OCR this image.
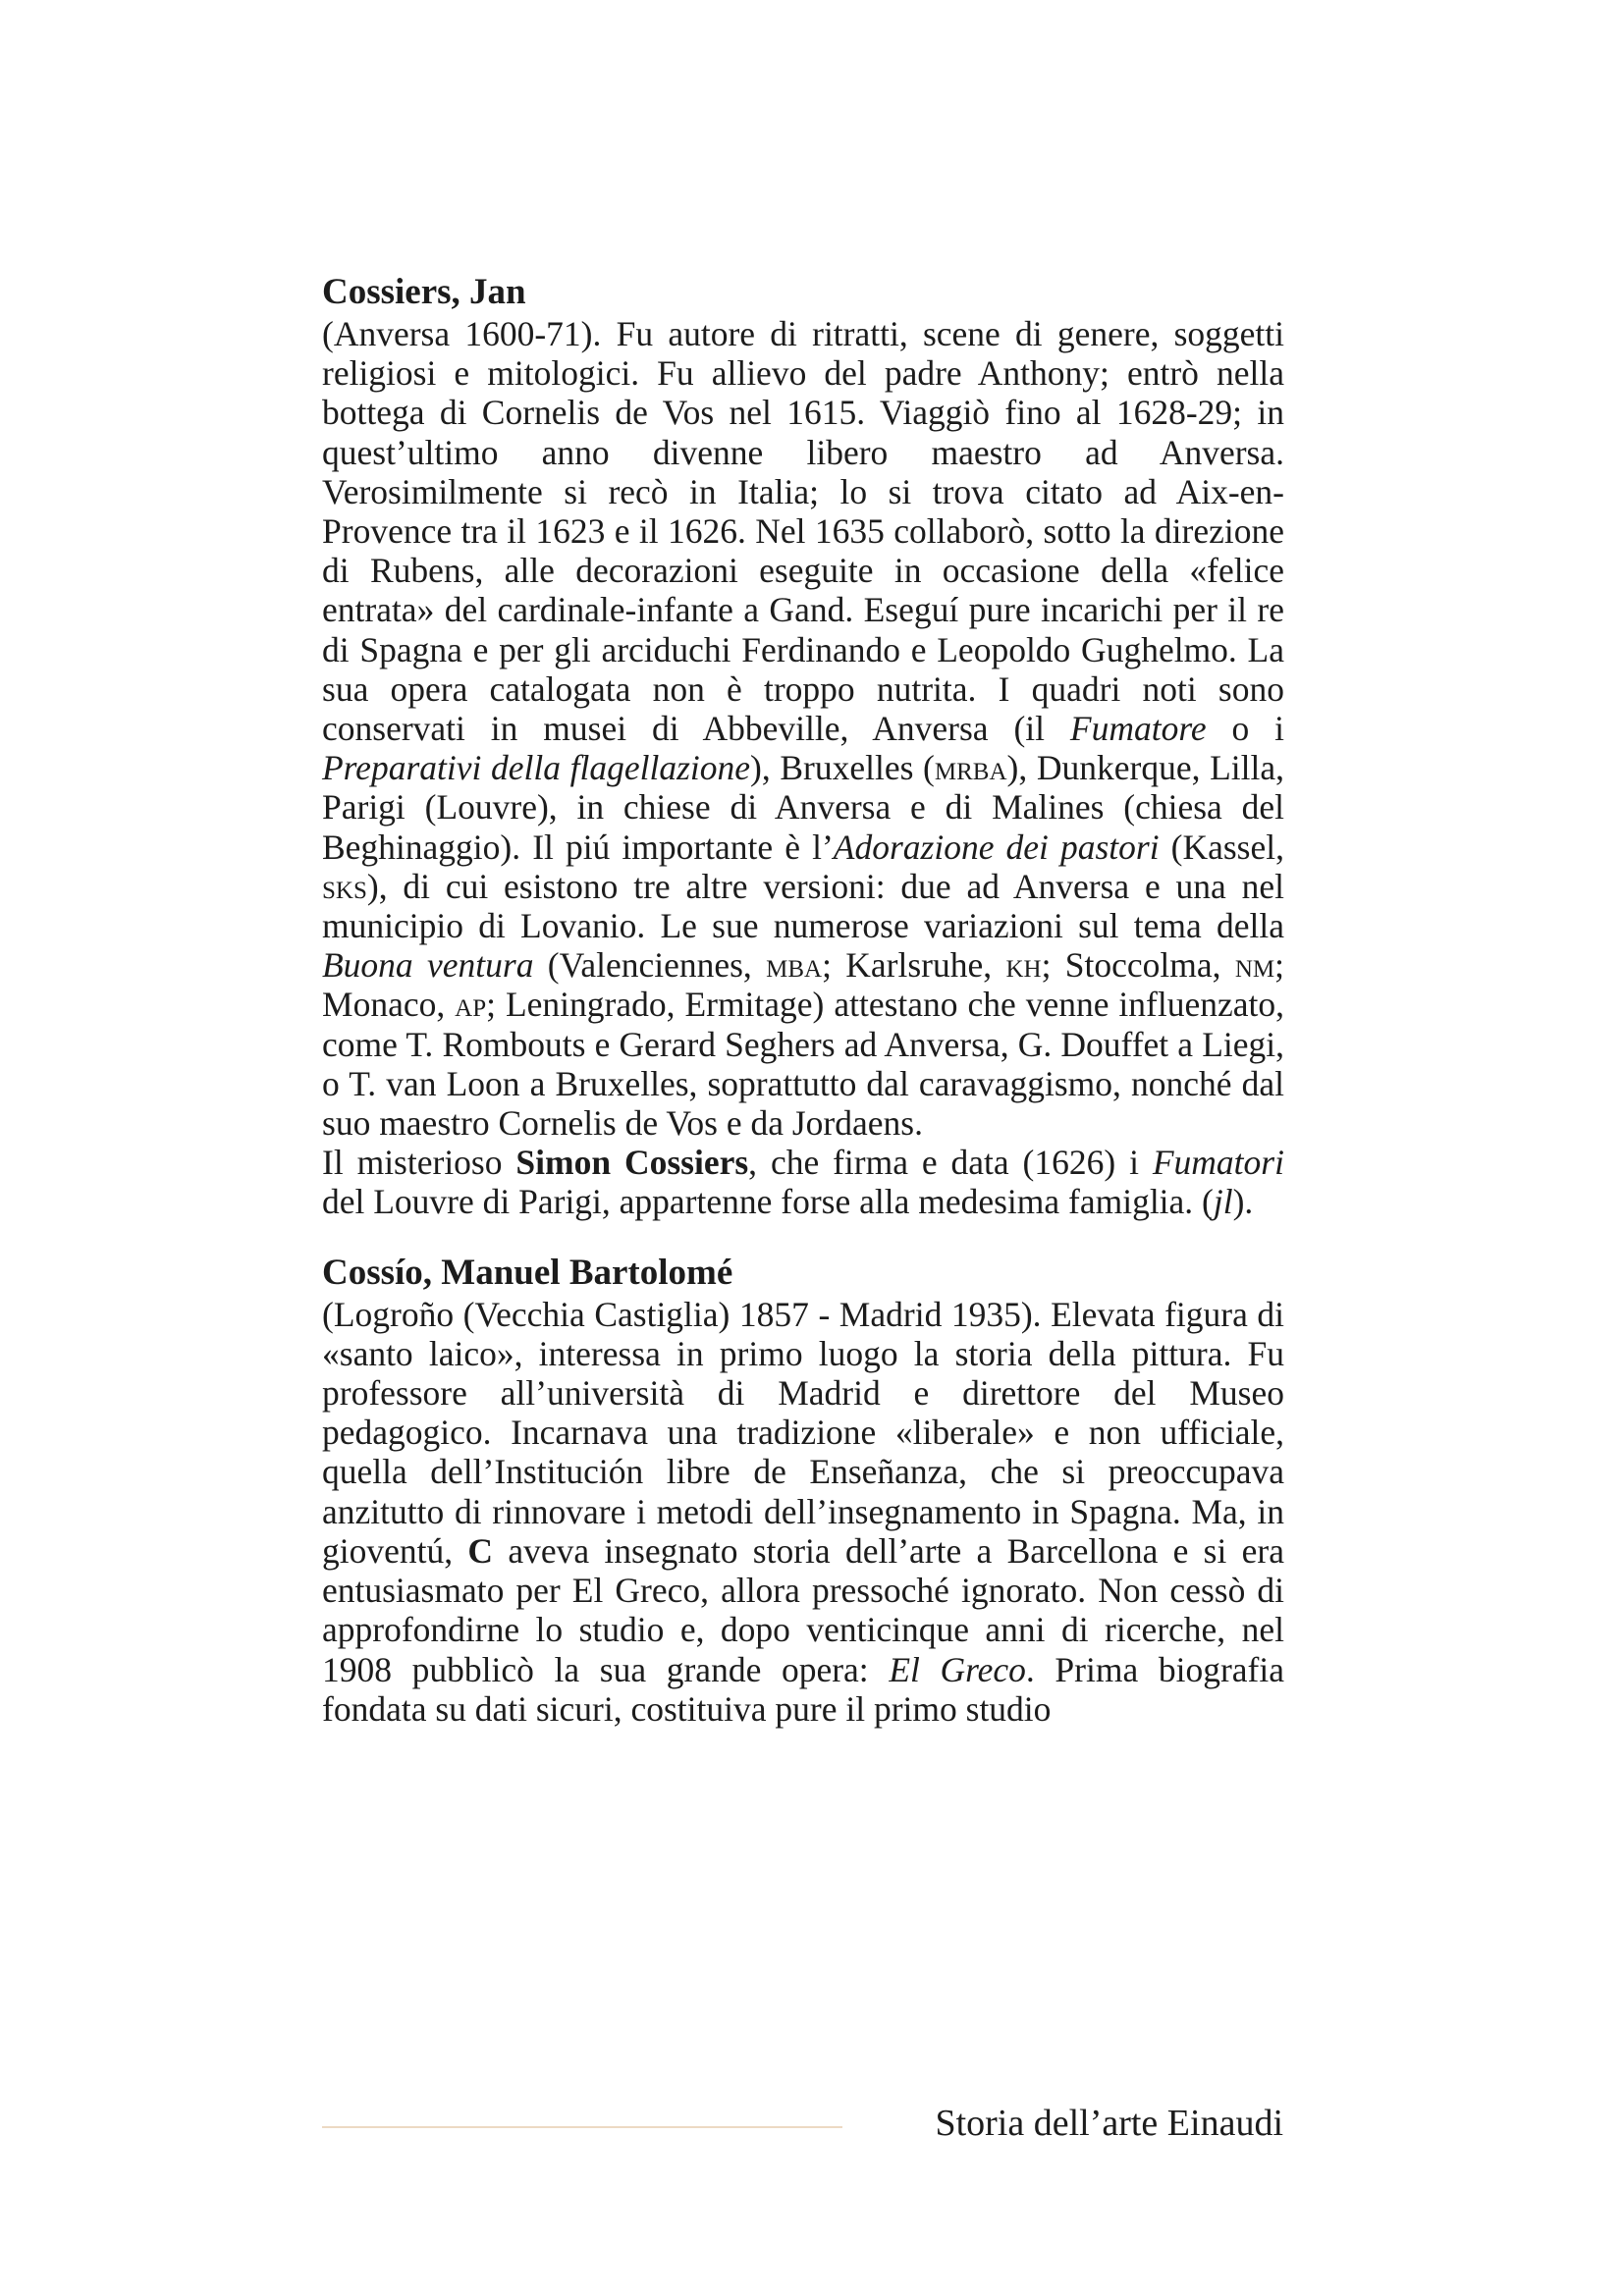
Cossiers, Jan

(Anversa 1600-71). Fu autore di ritratti, scene di genere, soggetti religiosi e mitologici. Fu allievo del padre Anthony; entrò nella bottega di Cornelis de Vos nel 1615. Viaggiò fino al 1628-29; in quest’ultimo anno divenne libero maestro ad Anversa. Verosimilmente si recò in Italia; lo si trova citato ad Aix-en-Provence tra il 1623 e il 1626. Nel 1635 collaborò, sotto la direzione di Rubens, alle decorazioni eseguite in occasione della «felice entrata» del cardinale-infante a Gand. Eseguí pure incarichi per il re di Spagna e per gli arciduchi Ferdinando e Leopoldo Gughelmo. La sua opera catalogata non è troppo nutrita. I quadri noti sono conservati in musei di Abbeville, Anversa (il Fumatore o i Preparativi della flagellazione), Bruxelles (mrba), Dunkerque, Lilla, Parigi (Louvre), in chiese di Anversa e di Malines (chiesa del Beghinaggio). Il piú importante è l’Adorazione dei pastori (Kassel, sks), di cui esistono tre altre versioni: due ad Anversa e una nel municipio di Lovanio. Le sue numerose variazioni sul tema della Buona ventura (Valenciennes, mba; Karlsruhe, kh; Stoccolma, nm; Monaco, ap; Leningrado, Ermitage) attestano che venne influenzato, come T. Rombouts e Gerard Seghers ad Anversa, G. Douffet a Liegi, o T. van Loon a Bruxelles, soprattutto dal caravaggismo, nonché dal suo maestro Cornelis de Vos e da Jordaens.

Il misterioso Simon Cossiers, che firma e data (1626) i Fumatori del Louvre di Parigi, appartenne forse alla medesima famiglia. (jl).

Cossío, Manuel Bartolomé

(Logroño (Vecchia Castiglia) 1857 - Madrid 1935). Elevata figura di «santo laico», interessa in primo luogo la storia della pittura. Fu professore all’università di Madrid e direttore del Museo pedagogico. Incarnava una tradizione «liberale» e non ufficiale, quella dell’Institución libre de Enseñanza, che si preoccupava anzitutto di rinnovare i metodi dell’insegnamento in Spagna. Ma, in gioventú, C aveva insegnato storia dell’arte a Barcellona e si era entusiasmato per El Greco, allora pressoché ignorato. Non cessò di approfondirne lo studio e, dopo venticinque anni di ricerche, nel 1908 pubblicò la sua grande opera: El Greco. Prima biografia fondata su dati sicuri, costituiva pure il primo studio

Storia dell’arte Einaudi
